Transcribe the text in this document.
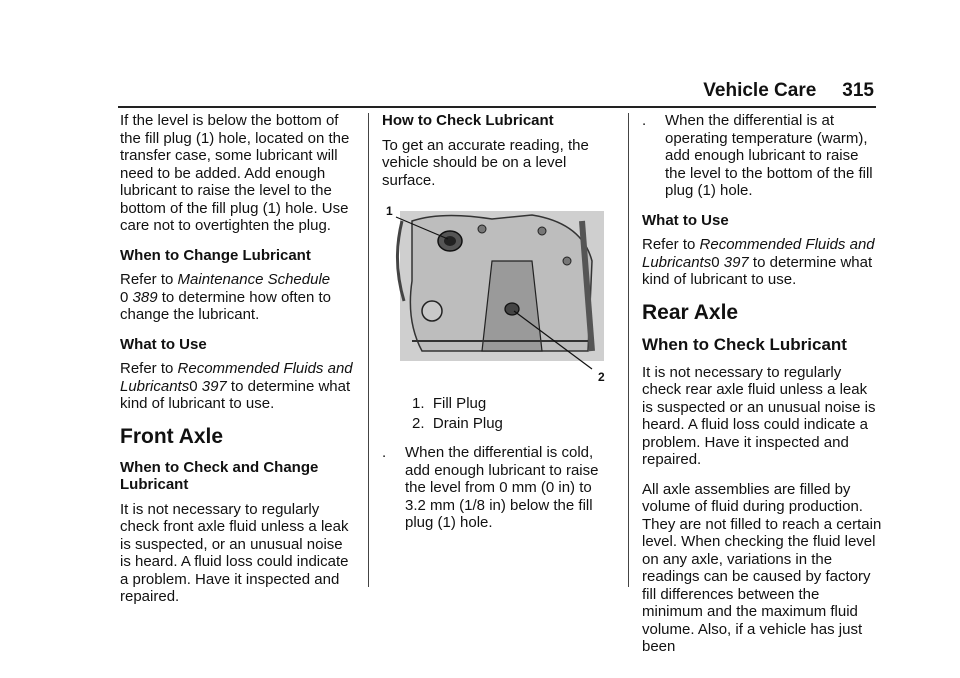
Vehicle Care 315

If the level is below the bottom of the fill plug (1) hole, located on the transfer case, some lubricant will need to be added. Add enough lubricant to raise the level to the bottom of the fill plug (1) hole. Use care not to overtighten the plug.

When to Change Lubricant

Refer to Maintenance Schedule
0 389 to determine how often to change the lubricant.

What to Use

Refer to Recommended Fluids and Lubricants0 397 to determine what kind of lubricant to use.

Front Axle

When to Check and Change Lubricant

It is not necessary to regularly check front axle fluid unless a leak is suspected, or an unusual noise is heard. A fluid loss could indicate a problem. Have it inspected and repaired.

How to Check Lubricant

To get an accurate reading, the vehicle should be on a level surface.

1
2
1. Fill Plug
2. Drain Plug
.	When the differential is cold, add enough lubricant to raise the level from 0 mm (0 in) to 3.2 mm (1/8 in) below the fill plug (1) hole.
.	When the differential is at operating temperature (warm), add enough lubricant to raise the level to the bottom of the fill plug (1) hole.

What to Use

Refer to Recommended Fluids and Lubricants0 397 to determine what kind of lubricant to use.

Rear Axle
When to Check Lubricant

It is not necessary to regularly check rear axle fluid unless a leak is suspected or an unusual noise is heard. A fluid loss could indicate a problem. Have it inspected and repaired.

All axle assemblies are filled by volume of fluid during production. They are not filled to reach a certain level. When checking the fluid level on any axle, variations in the readings can be caused by factory fill differences between the minimum and the maximum fluid volume. Also, if a vehicle has just been
